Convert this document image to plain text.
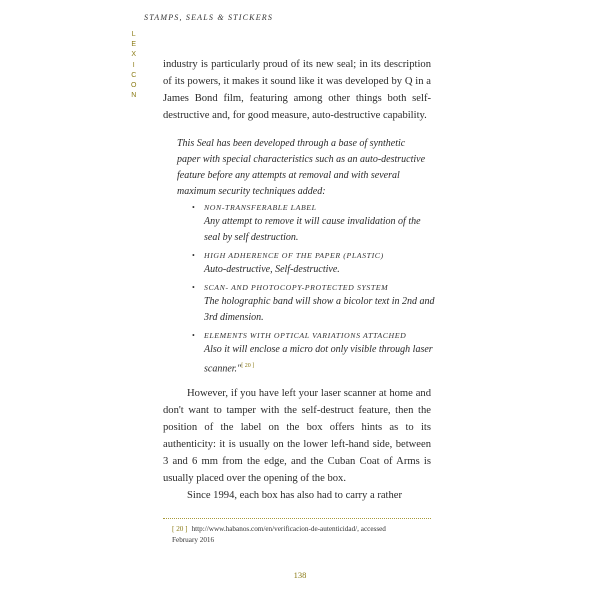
STAMPS, SEALS & STICKERS
L
E
X
I
C
O
N

industry is particularly proud of its new seal; in its description of its powers, it makes it sound like it was developed by Q in a James Bond film, featuring among other things both self-destructive and, for good measure, auto-destructive capability.

This Seal has been developed through a base of synthetic paper with special characteristics such as an auto-destructive feature before any attempts at removal and with several maximum security techniques added:

• NON-TRANSFERABLE LABEL
Any attempt to remove it will cause invalidation of the seal by self destruction.
• HIGH ADHERENCE OF THE PAPER (PLASTIC)
Auto-destructive, Self-destructive.
• SCAN- AND PHOTOCOPY-PROTECTED SYSTEM
The holographic band will show a bicolor text in 2nd and 3rd dimension.
• ELEMENTS WITH OPTICAL VARIATIONS ATTACHED
Also it will enclose a micro dot only visible through laser scanner."[ 20 ]

However, if you have left your laser scanner at home and don't want to tamper with the self-destruct feature, then the position of the label on the box offers hints as to its authenticity: it is usually on the lower left-hand side, between 3 and 6 mm from the edge, and the Cuban Coat of Arms is usually placed over the opening of the box.
Since 1994, each box has also had to carry a rather

[ 20 ] http://www.habanos.com/en/verificacion-de-autenticidad/, accessed February 2016
138
